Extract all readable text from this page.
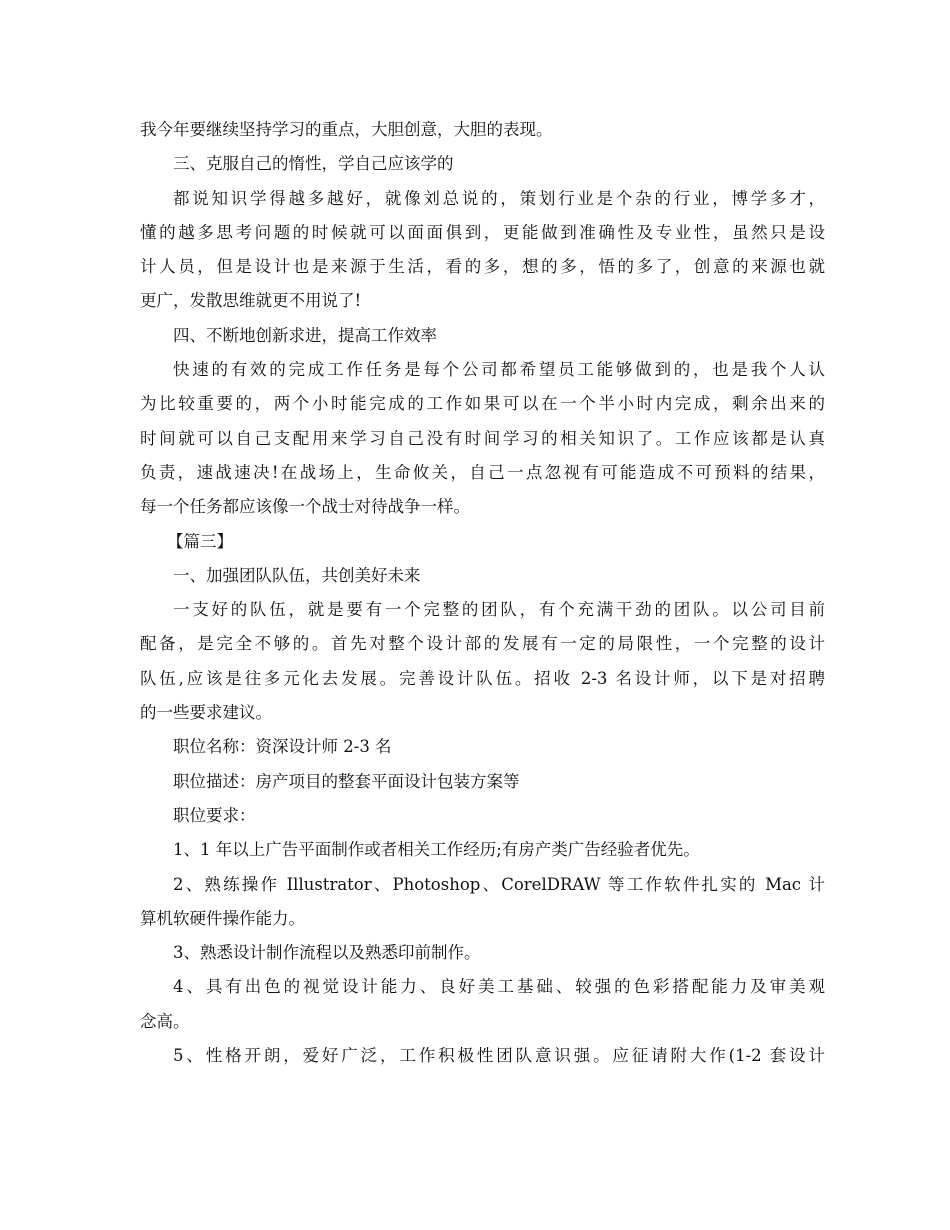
我今年要继续坚持学习的重点，大胆创意，大胆的表现。
三、克服自己的惰性，学自己应该学的
都说知识学得越多越好，就像刘总说的，策划行业是个杂的行业，博学多才，
懂的越多思考问题的时候就可以面面俱到，更能做到准确性及专业性，虽然只是设
计人员，但是设计也是来源于生活，看的多，想的多，悟的多了，创意的来源也就
更广，发散思维就更不用说了!
四、不断地创新求进，提高工作效率
快速的有效的完成工作任务是每个公司都希望员工能够做到的，也是我个人认
为比较重要的，两个小时能完成的工作如果可以在一个半小时内完成，剩余出来的
时间就可以自己支配用来学习自己没有时间学习的相关知识了。工作应该都是认真
负责，速战速决!在战场上，生命攸关，自己一点忽视有可能造成不可预料的结果，
每一个任务都应该像一个战士对待战争一样。
【篇三】
一、加强团队队伍，共创美好未来
一支好的队伍，就是要有一个完整的团队，有个充满干劲的团队。以公司目前
配备，是完全不够的。首先对整个设计部的发展有一定的局限性，一个完整的设计
队伍,应该是往多元化去发展。完善设计队伍。招收 2-3 名设计师，以下是对招聘
的一些要求建议。
职位名称：资深设计师 2-3 名
职位描述：房产项目的整套平面设计包装方案等
职位要求：
1、1 年以上广告平面制作或者相关工作经历;有房产类广告经验者优先。
2、熟练操作 Illustrator、Photoshop、CorelDRAW 等工作软件扎实的 Mac 计
算机软硬件操作能力。
3、熟悉设计制作流程以及熟悉印前制作。
4、具有出色的视觉设计能力、良好美工基础、较强的色彩搭配能力及审美观
念高。
5、性格开朗，爱好广泛，工作积极性团队意识强。应征请附大作(1-2 套设计
